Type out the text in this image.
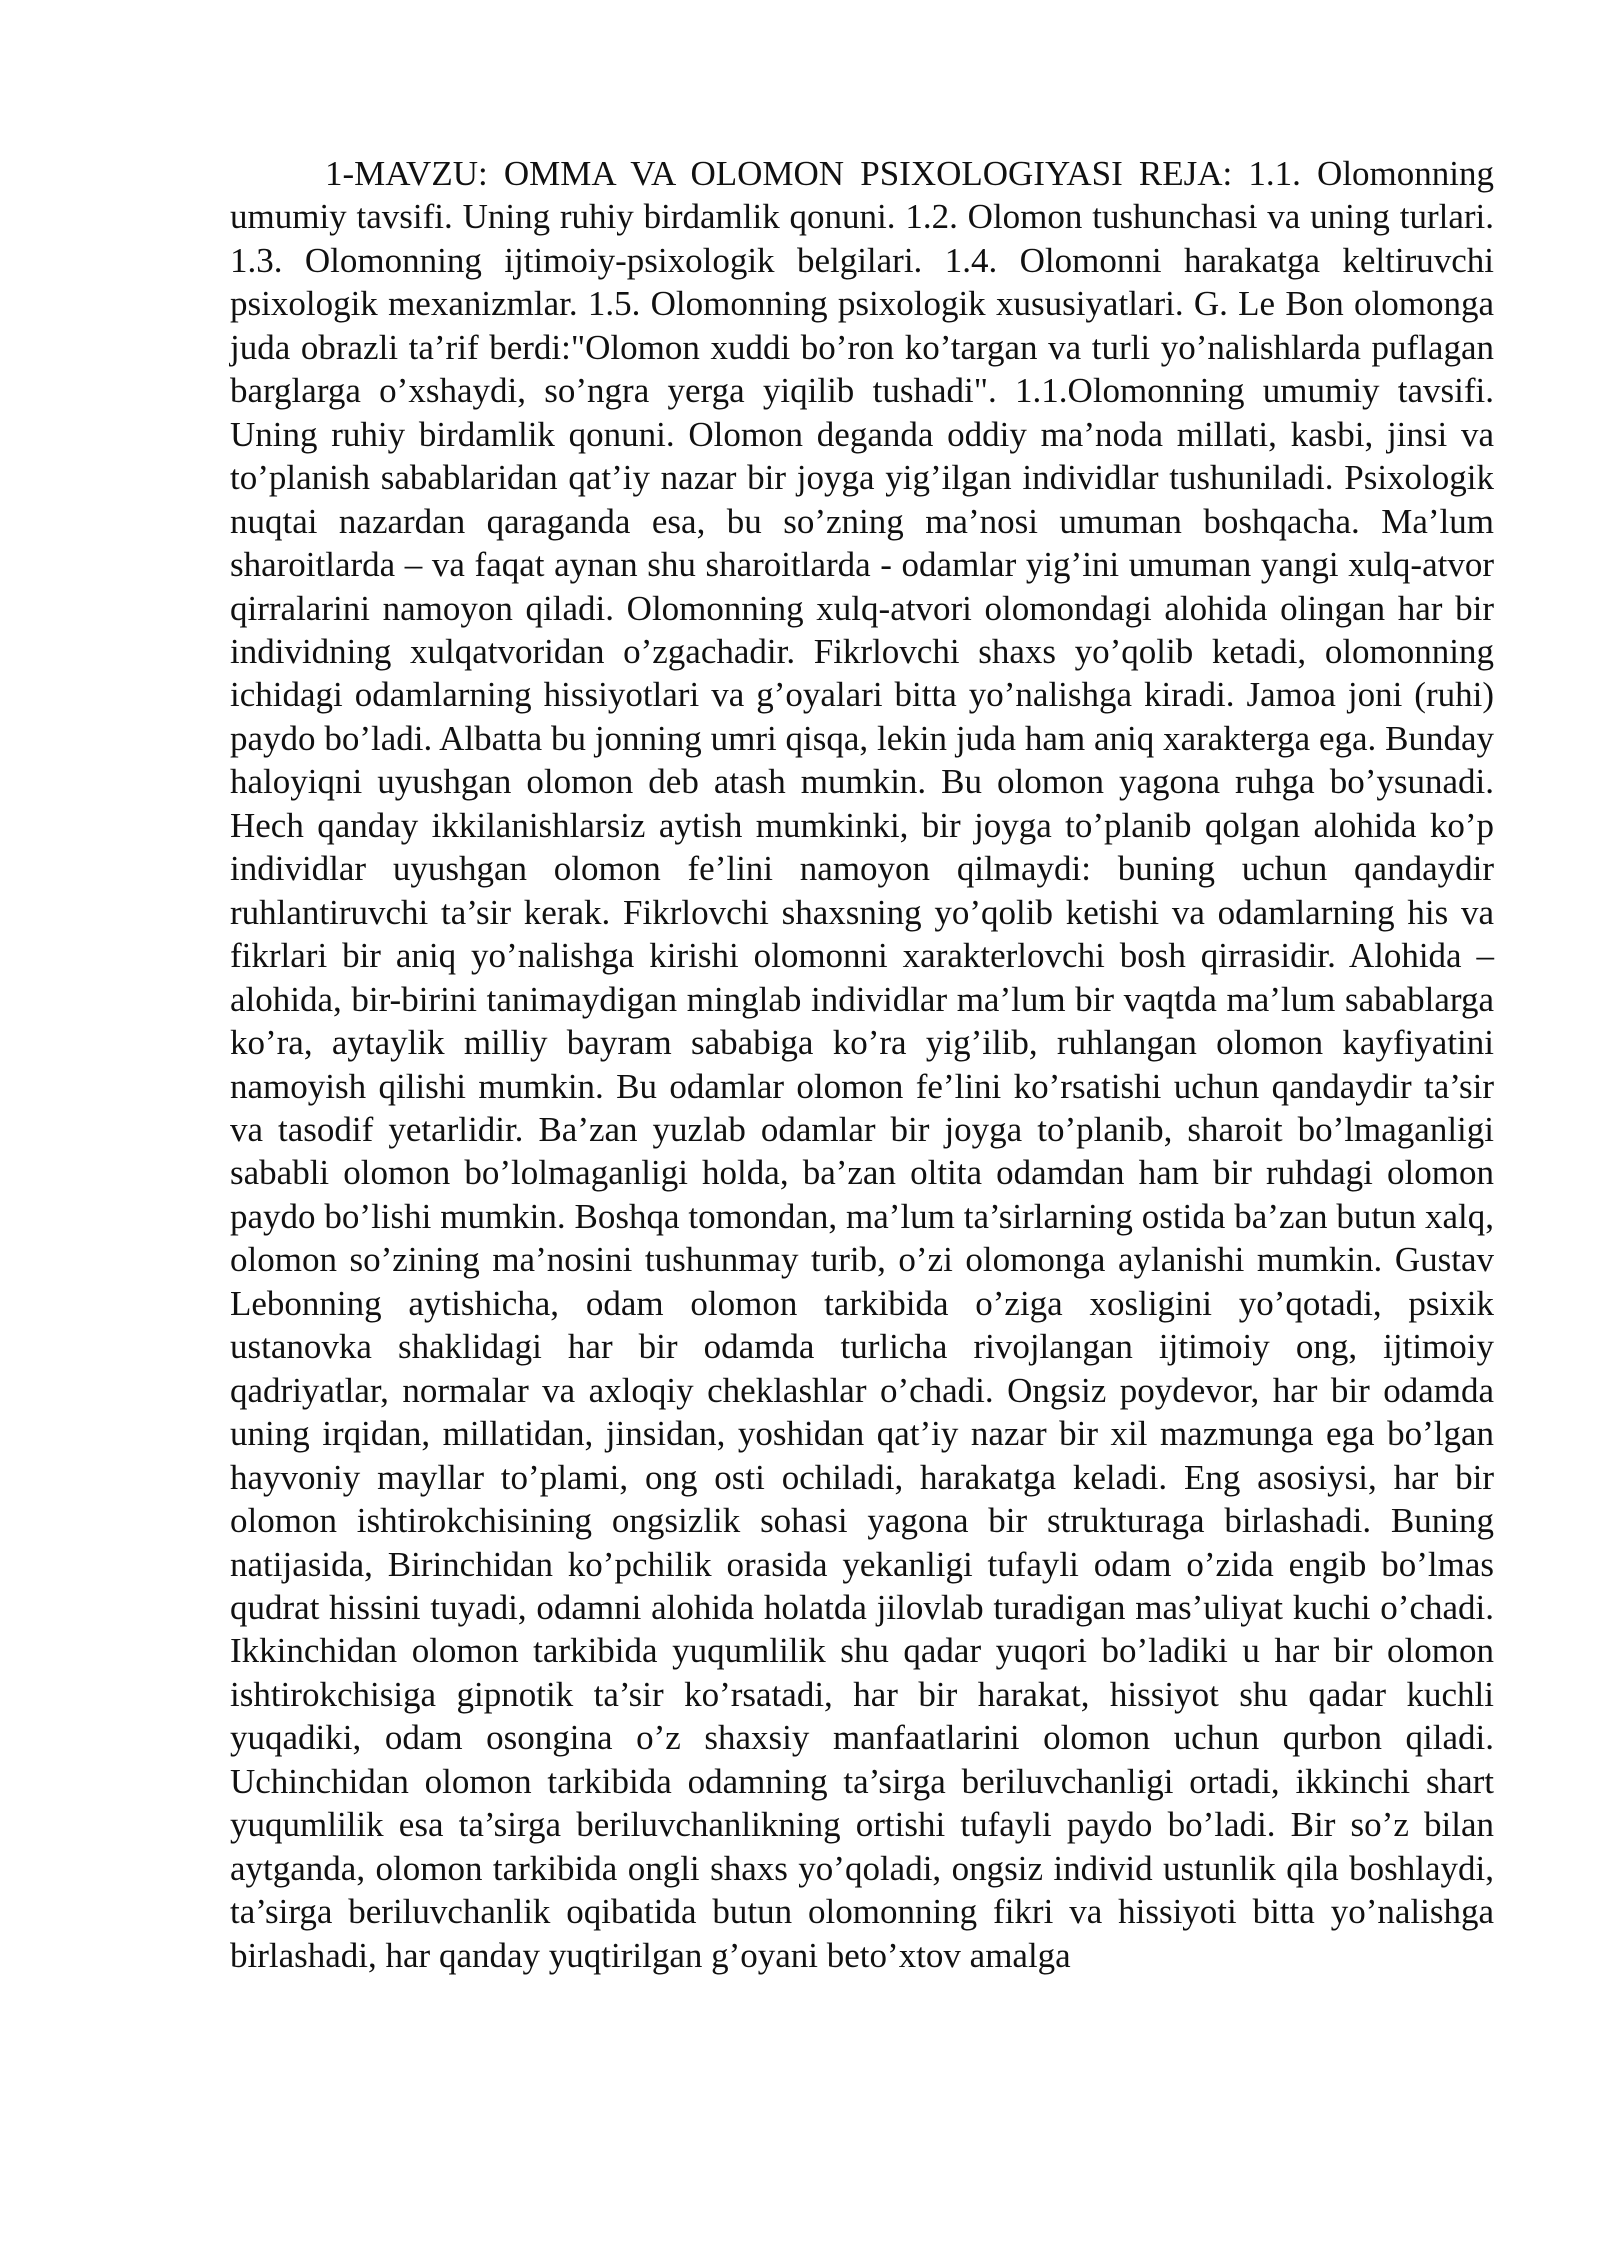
1-MAVZU: OMMA VA OLOMON PSIXOLOGIYASI REJA: 1.1. Olomonning umumiy tavsifi. Uning ruhiy birdamlik qonuni. 1.2. Olomon tushunchasi va uning turlari. 1.3. Olomonning ijtimoiy-psixologik belgilari. 1.4. Olomonni harakatga keltiruvchi psixologik mexanizmlar. 1.5. Olomonning psixologik xususiyatlari. G. Le Bon olomonga juda obrazli ta’rif berdi:"Olomon xuddi bo’ron ko’targan va turli yo’nalishlarda puflagan barglarga o’xshaydi, so’ngra yerga yiqilib tushadi". 1.1.Olomonning umumiy tavsifi. Uning ruhiy birdamlik qonuni. Olomon deganda oddiy ma’noda millati, kasbi, jinsi va to’planish sabablaridan qat’iy nazar bir joyga yig’ilgan individlar tushuniladi. Psixologik nuqtai nazardan qaraganda esa, bu so’zning ma’nosi umuman boshqacha. Ma’lum sharoitlarda – va faqat aynan shu sharoitlarda - odamlar yig’ini umuman yangi xulq-atvor qirralarini namoyon qiladi. Olomonning xulq-atvori olomondagi alohida olingan har bir individning xulqatvoridan o’zgachadir. Fikrlovchi shaxs yo’qolib ketadi, olomonning ichidagi odamlarning hissiyotlari va g’oyalari bitta yo’nalishga kiradi. Jamoa joni (ruhi) paydo bo’ladi. Albatta bu jonning umri qisqa, lekin juda ham aniq xarakterga ega. Bunday haloyiqni uyushgan olomon deb atash mumkin. Bu olomon yagona ruhga bo’ysunadi. Hech qanday ikkilanishlarsiz aytish mumkinki, bir joyga to’planib qolgan alohida ko’p individlar uyushgan olomon fe’lini namoyon qilmaydi: buning uchun qandaydir ruhlantiruvchi ta’sir kerak. Fikrlovchi shaxsning yo’qolib ketishi va odamlarning his va fikrlari bir aniq yo’nalishga kirishi olomonni xarakterlovchi bosh qirrasidir. Alohida – alohida, bir-birini tanimaydigan minglab individlar ma’lum bir vaqtda ma’lum sabablarga ko’ra, aytaylik milliy bayram sababiga ko’ra yig’ilib, ruhlangan olomon kayfiyatini namoyish qilishi mumkin. Bu odamlar olomon fe’lini ko’rsatishi uchun qandaydir ta’sir va tasodif yetarlidir. Ba’zan yuzlab odamlar bir joyga to’planib, sharoit bo’lmaganligi sababli olomon bo’lolmaganligi holda, ba’zan oltita odamdan ham bir ruhdagi olomon paydo bo’lishi mumkin. Boshqa tomondan, ma’lum ta’sirlarning ostida ba’zan butun xalq, olomon so’zining ma’nosini tushunmay turib, o’zi olomonga aylanishi mumkin. Gustav Lebonning aytishicha, odam olomon tarkibida o’ziga xosligini yo’qotadi, psixik ustanovka shaklidagi har bir odamda turlicha rivojlangan ijtimoiy ong, ijtimoiy qadriyatlar, normalar va axloqiy cheklashlar o’chadi. Ongsiz poydevor, har bir odamda uning irqidan, millatidan, jinsidan, yoshidan qat’iy nazar bir xil mazmunga ega bo’lgan hayvoniy mayllar to’plami, ong osti ochiladi, harakatga keladi. Eng asosiysi, har bir olomon ishtirokchisining ongsizlik sohasi yagona bir strukturaga birlashadi. Buning natijasida, Birinchidan ko’pchilik orasida yekanligi tufayli odam o’zida engib bo’lmas qudrat hissini tuyadi, odamni alohida holatda jilovlab turadigan mas’uliyat kuchi o’chadi. Ikkinchidan olomon tarkibida yuqumlilik shu qadar yuqori bo’ladiki u har bir olomon ishtirokchisiga gipnotik ta’sir ko’rsatadi, har bir harakat, hissiyot shu qadar kuchli yuqadiki, odam osongina o’z shaxsiy manfaatlarini olomon uchun qurbon qiladi. Uchinchidan olomon tarkibida odamning ta’sirga beriluvchanligi ortadi, ikkinchi shart yuqumlilik esa ta’sirga beriluvchanlikning ortishi tufayli paydo bo’ladi. Bir so’z bilan aytganda, olomon tarkibida ongli shaxs yo’qoladi, ongsiz individ ustunlik qila boshlaydi, ta’sirga beriluvchanlik oqibatida butun olomonning fikri va hissiyoti bitta yo’nalishga birlashadi, har qanday yuqtirilgan g’oyani beto’xtov amalga
